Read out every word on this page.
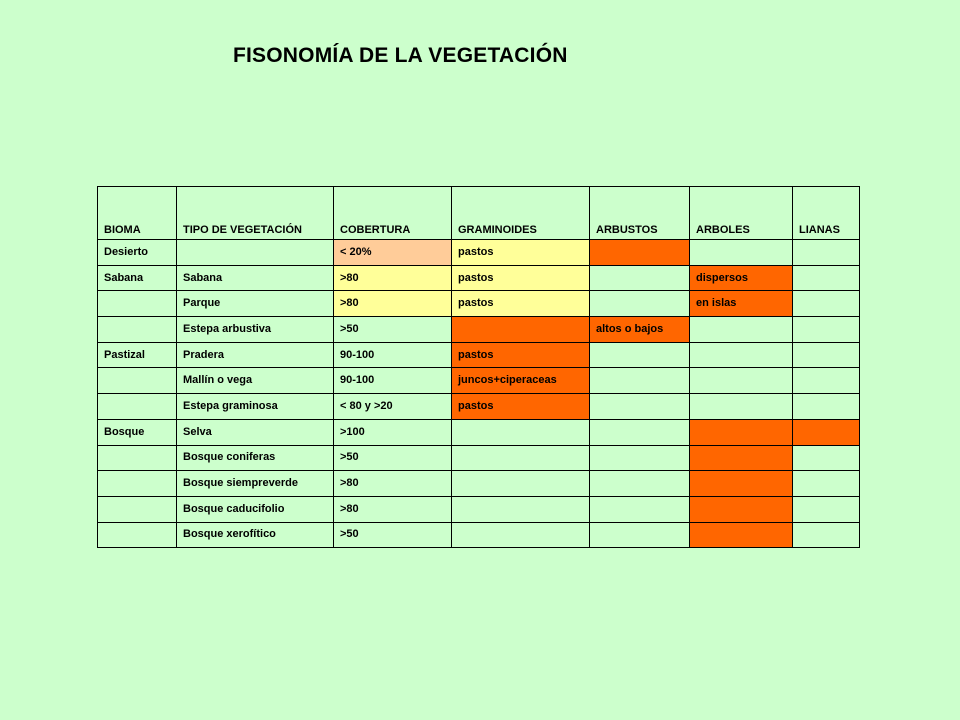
FISONOMÍA DE LA VEGETACIÓN
BIOMA	TIPO DE VEGETACIÓN	COBERTURA	GRAMINOIDES	ARBUSTOS	ARBOLES	LIANAS
Desierto		< 20%	pastos			
Sabana	Sabana	>80	pastos		dispersos	
	Parque	>80	pastos		en islas	
	Estepa arbustiva	>50		altos o bajos		
Pastizal	Pradera	90-100	pastos			
	Mallín o vega	90-100	juncos+ciperaceas			
	Estepa graminosa	< 80 y >20	pastos			
Bosque	Selva	>100				
	Bosque coniferas	>50				
	Bosque siempreverde	>80				
	Bosque caducifolio	>80				
	Bosque xerofítico	>50				
